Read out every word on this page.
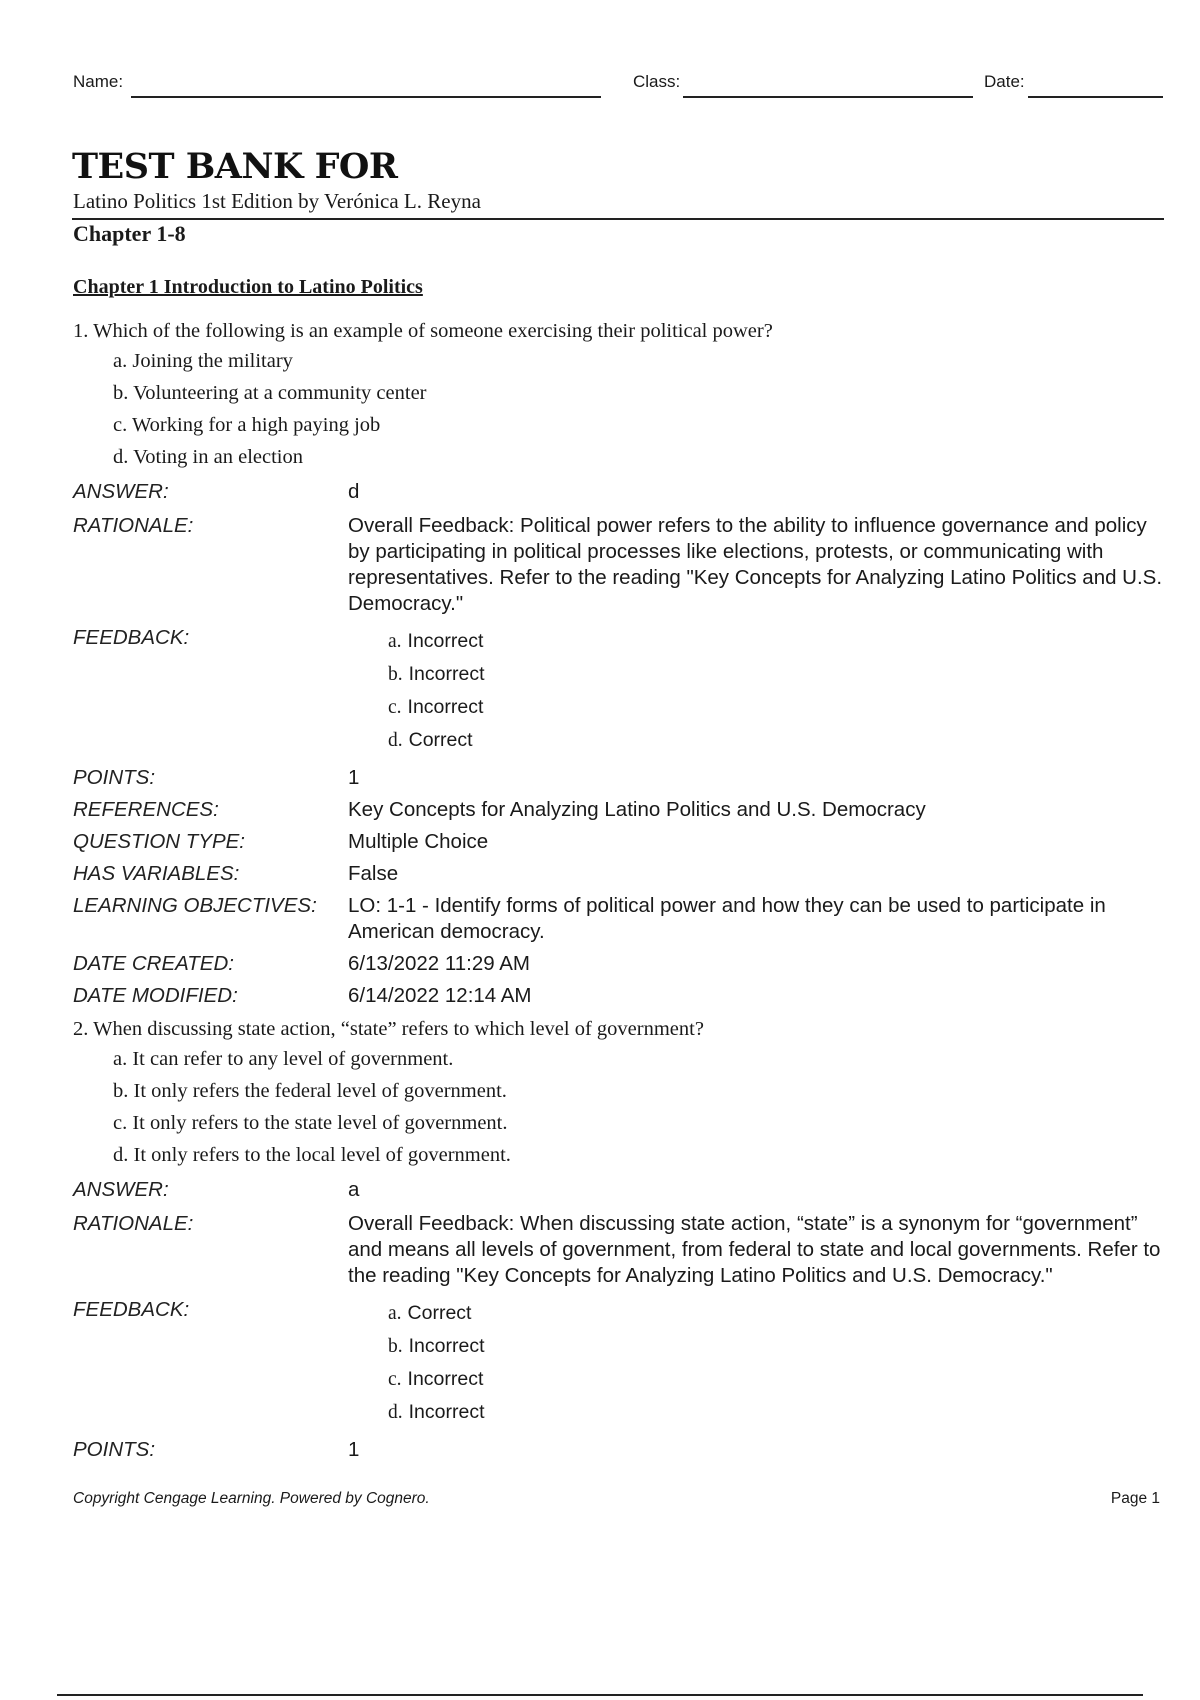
Name:	Class:	Date:
TEST BANK FOR
Latino Politics 1st Edition by Verónica L. Reyna
Chapter 1-8
Chapter 1 Introduction to Latino Politics
1. Which of the following is an example of someone exercising their political power?
a. Joining the military
b. Volunteering at a community center
c. Working for a high paying job
d. Voting in an election
ANSWER:	d
RATIONALE:	Overall Feedback: Political power refers to the ability to influence governance and policy by participating in political processes like elections, protests, or communicating with representatives. Refer to the reading "Key Concepts for Analyzing Latino Politics and U.S. Democracy."
FEEDBACK:	a. Incorrect
b. Incorrect
c. Incorrect
d. Correct
POINTS:	1
REFERENCES:	Key Concepts for Analyzing Latino Politics and U.S. Democracy
QUESTION TYPE:	Multiple Choice
HAS VARIABLES:	False
LEARNING OBJECTIVES: LO: 1-1 - Identify forms of political power and how they can be used to participate in American democracy.
DATE CREATED:	6/13/2022 11:29 AM
DATE MODIFIED:	6/14/2022 12:14 AM
2. When discussing state action, “state” refers to which level of government?
a. It can refer to any level of government.
b. It only refers the federal level of government.
c. It only refers to the state level of government.
d. It only refers to the local level of government.
ANSWER:	a
RATIONALE:	Overall Feedback: When discussing state action, “state” is a synonym for “government” and means all levels of government, from federal to state and local governments. Refer to the reading "Key Concepts for Analyzing Latino Politics and U.S. Democracy."
FEEDBACK:	a. Correct
b. Incorrect
c. Incorrect
d. Incorrect
POINTS:	1
Copyright Cengage Learning. Powered by Cognero.	Page 1
